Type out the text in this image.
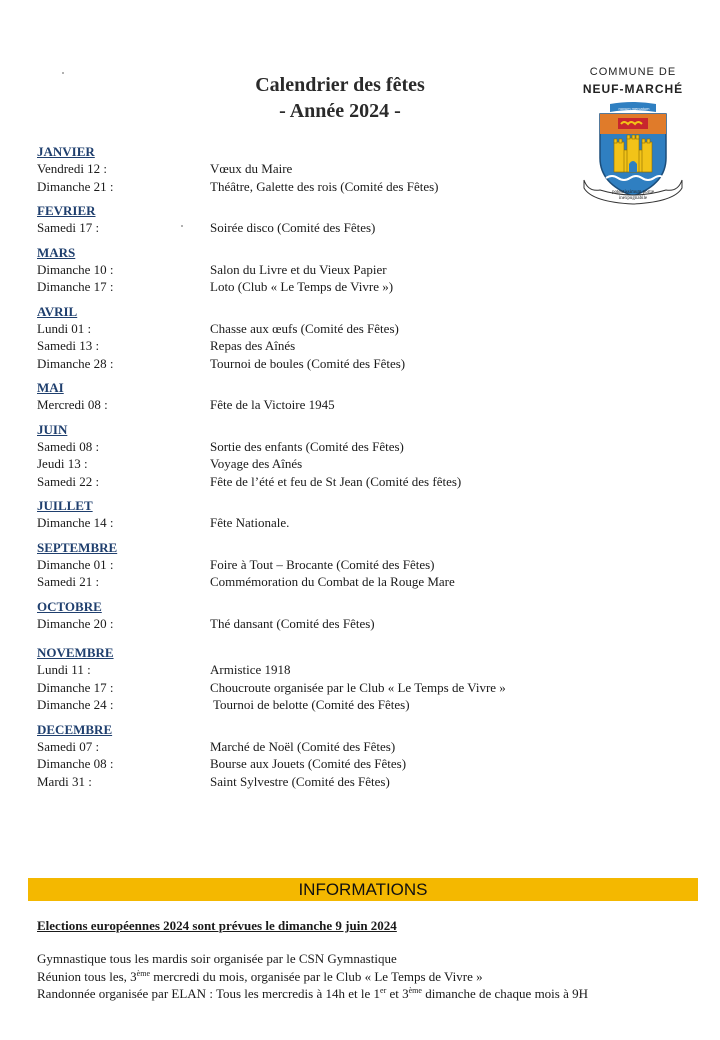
Calendrier des fêtes
- Année 2024 -
COMMUNE DE
NEUF-MARCHÉ
novum mercatum
potentissimum portæ inexpugnabile
JANVIER
Vendredi 12 :	Vœux du Maire
Dimanche 21 :	Théâtre, Galette des rois (Comité des Fêtes)
FEVRIER
Samedi 17 :	Soirée disco (Comité des Fêtes)
MARS
Dimanche 10 :	Salon du Livre et du Vieux Papier
Dimanche 17 :	Loto (Club « Le Temps de Vivre »)
AVRIL
Lundi 01 :	Chasse aux œufs (Comité des Fêtes)
Samedi 13 :	Repas des Aînés
Dimanche 28 :	Tournoi de boules (Comité des Fêtes)
MAI
Mercredi 08 :	Fête de la Victoire 1945
JUIN
Samedi 08 :	Sortie des enfants (Comité des Fêtes)
Jeudi 13 :	Voyage des Aînés
Samedi 22 :	Fête de l’été et feu de St Jean (Comité des fêtes)
JUILLET
Dimanche 14 :	Fête Nationale.
SEPTEMBRE
Dimanche 01 :	Foire à Tout – Brocante (Comité des Fêtes)
Samedi 21 :	Commémoration du Combat de la Rouge Mare
OCTOBRE
Dimanche 20 :	Thé dansant (Comité des Fêtes)
NOVEMBRE
Lundi 11 :	Armistice 1918
Dimanche 17 :	Choucroute organisée par le Club « Le Temps de Vivre »
Dimanche 24 :	Tournoi de belotte (Comité des Fêtes)
DECEMBRE
Samedi 07 :	Marché de Noël (Comité des Fêtes)
Dimanche 08 :	Bourse aux Jouets (Comité des Fêtes)
Mardi 31 :	Saint Sylvestre (Comité des Fêtes)
INFORMATIONS
Elections européennes 2024 sont prévues le dimanche 9 juin 2024
Gymnastique tous les mardis soir organisée par le CSN Gymnastique
Réunion tous les, 3ème mercredi du mois, organisée par le Club « Le Temps de Vivre »
Randonnée organisée par ELAN : Tous les mercredis à 14h et le 1er et 3ème dimanche de chaque mois à 9H
